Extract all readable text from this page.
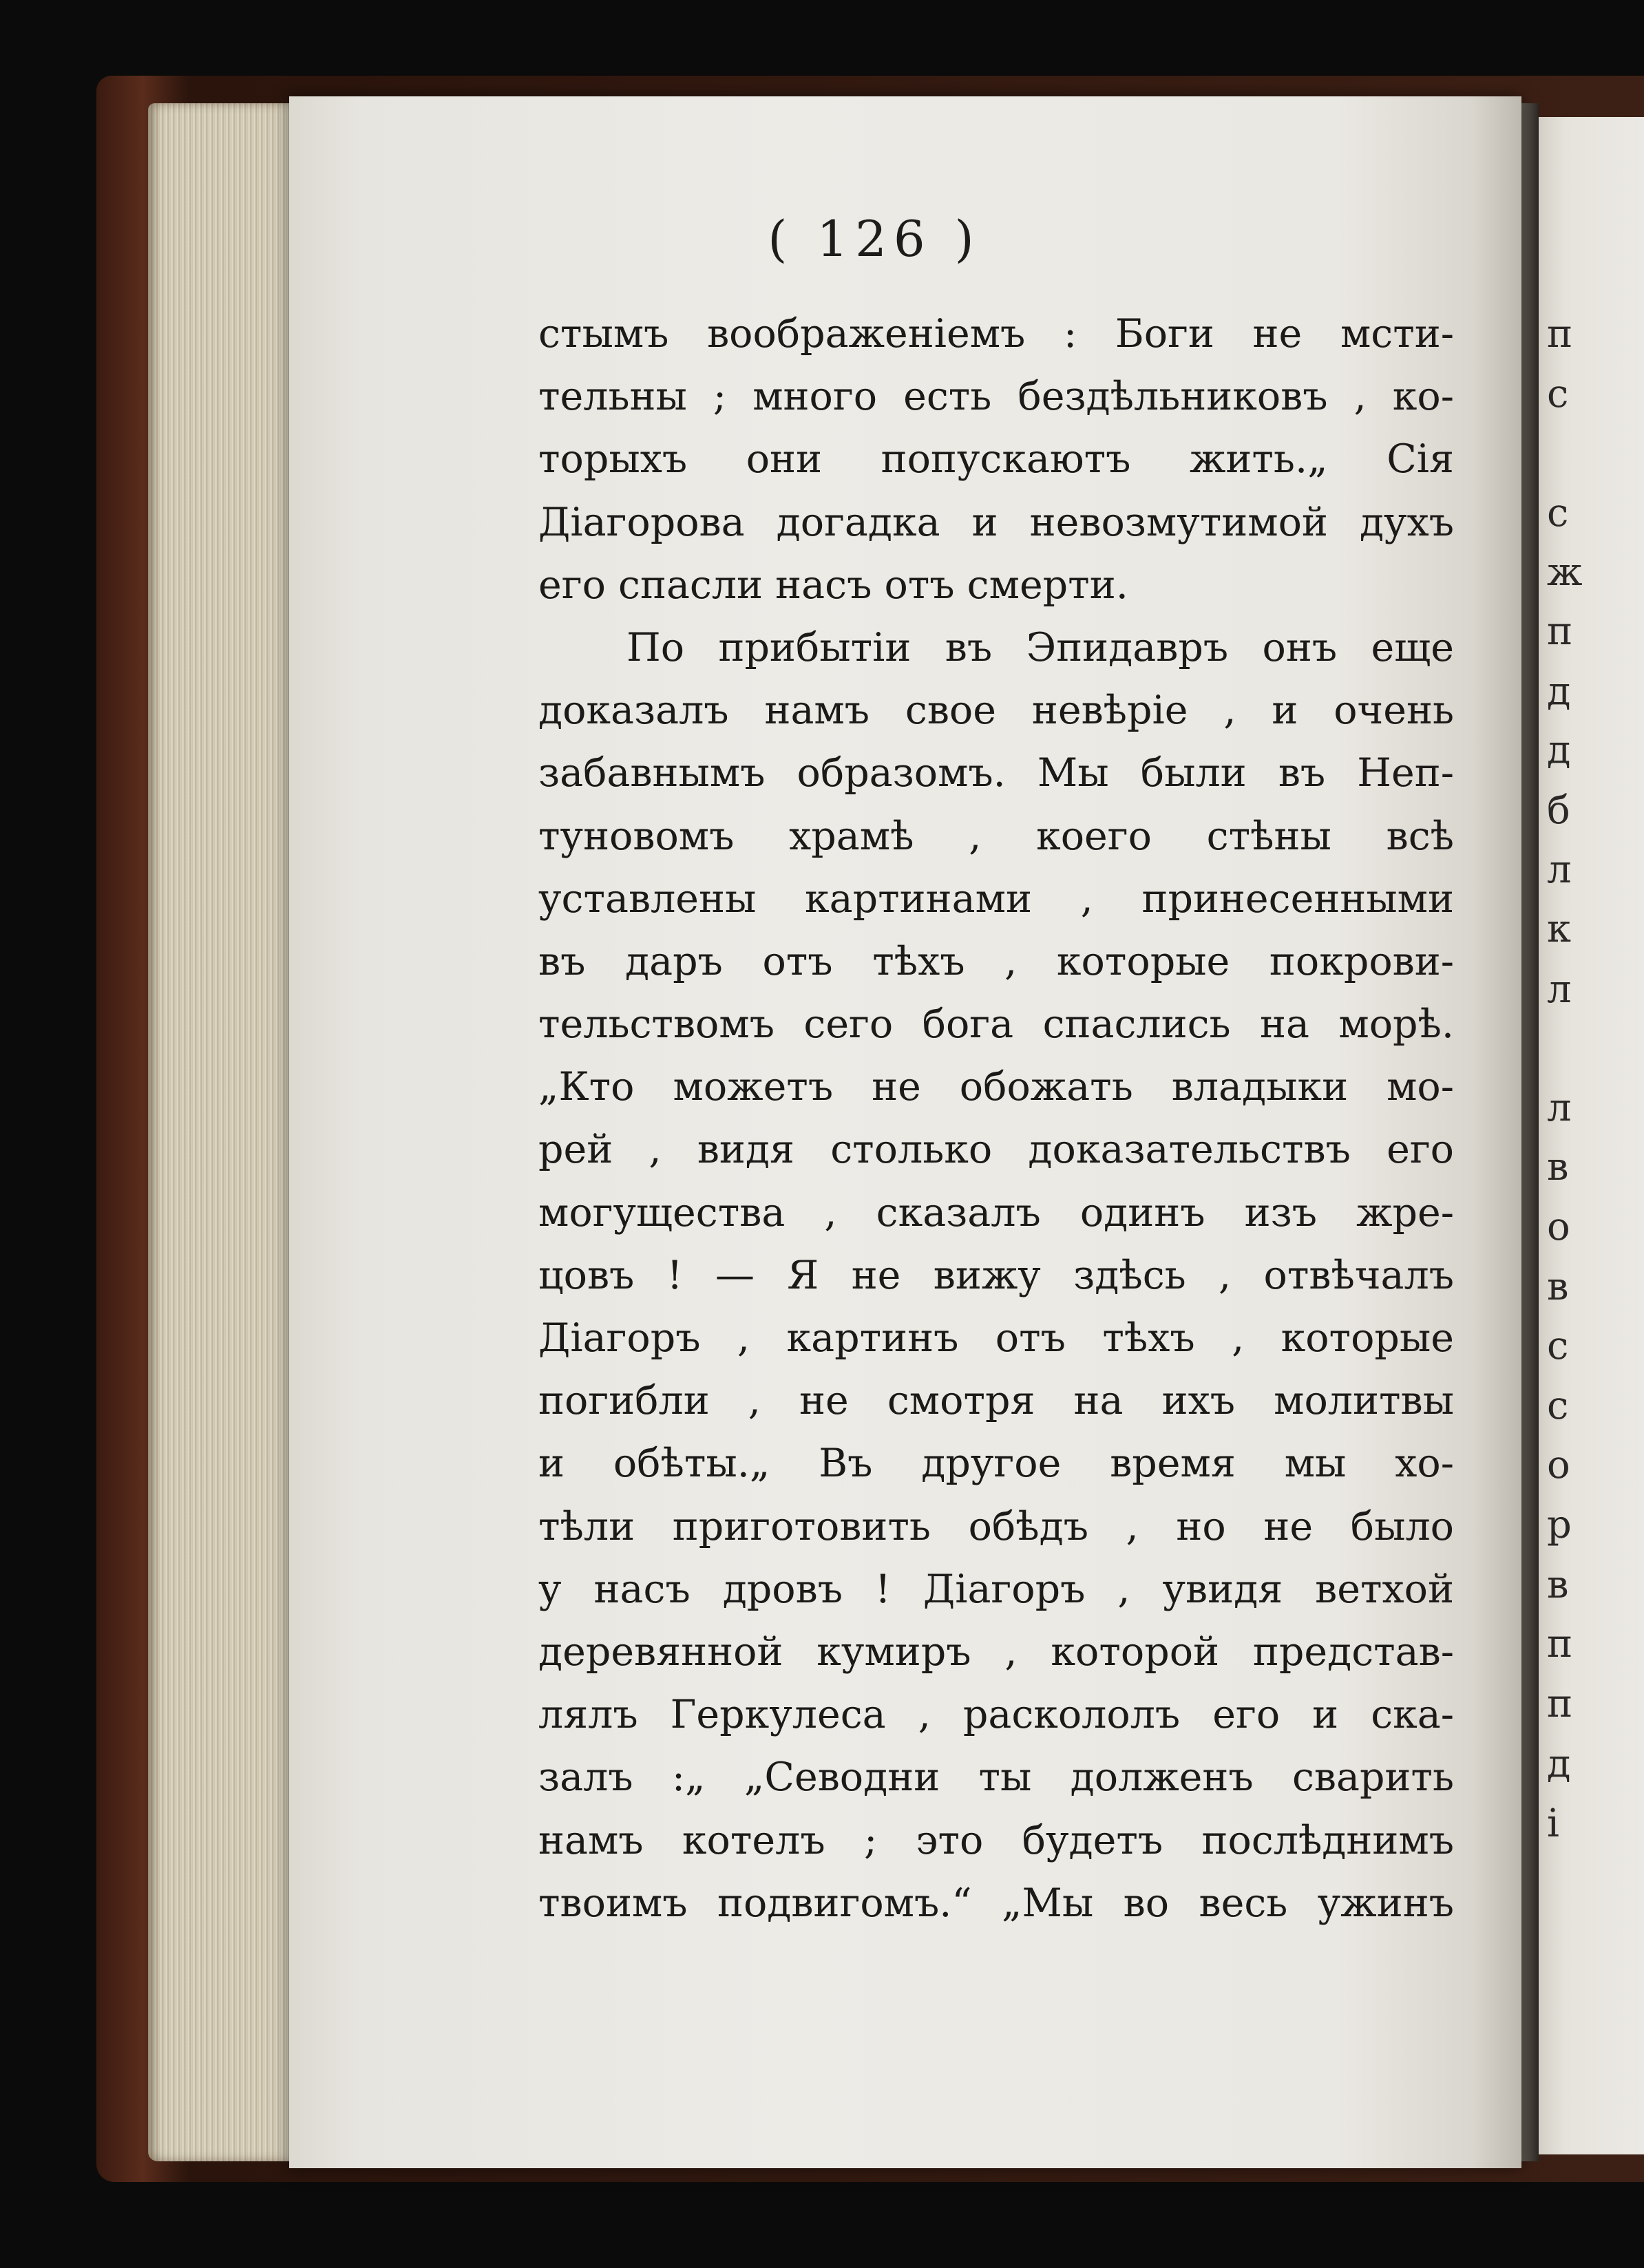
п
с
с
ж
п
д
д
б
л
к
л
л
в
о
в
с
с
о
р
в
п
п
д
і
( 126 )
стымъ воображеніемъ : Боги не мсти-
тельны ; много есть бездѣльниковъ , ко-
торыхъ они попускаютъ жить.„ Сія
Діагорова догадка и невозмутимой духъ
его спасли насъ отъ смерти.
По прибытіи въ Эпидавръ онъ еще
доказалъ намъ свое невѣріе , и очень
забавнымъ образомъ. Мы были въ Неп-
туновомъ храмѣ , коего стѣны всѣ
уставлены картинами , принесенными
въ даръ отъ тѣхъ , которые покрови-
тельствомъ сего бога спаслись на морѣ.
„Кто можетъ не обожать владыки мо-
рей , видя столько доказательствъ его
могущества , сказалъ одинъ изъ жре-
цовъ ! — Я не вижу здѣсь , отвѣчалъ
Діагоръ , картинъ отъ тѣхъ , которые
погибли , не смотря на ихъ молитвы
и обѣты.„ Въ другое время мы хо-
тѣли приготовить обѣдъ , но не было
у насъ дровъ ! Діагоръ , увидя ветхой
деревянной кумиръ , которой представ-
лялъ Геркулеса , раскололъ его и ска-
залъ :„ „Севодни ты долженъ сварить
намъ котелъ ; это будетъ послѣднимъ
твоимъ подвигомъ.“ „Мы во весь ужинъ
